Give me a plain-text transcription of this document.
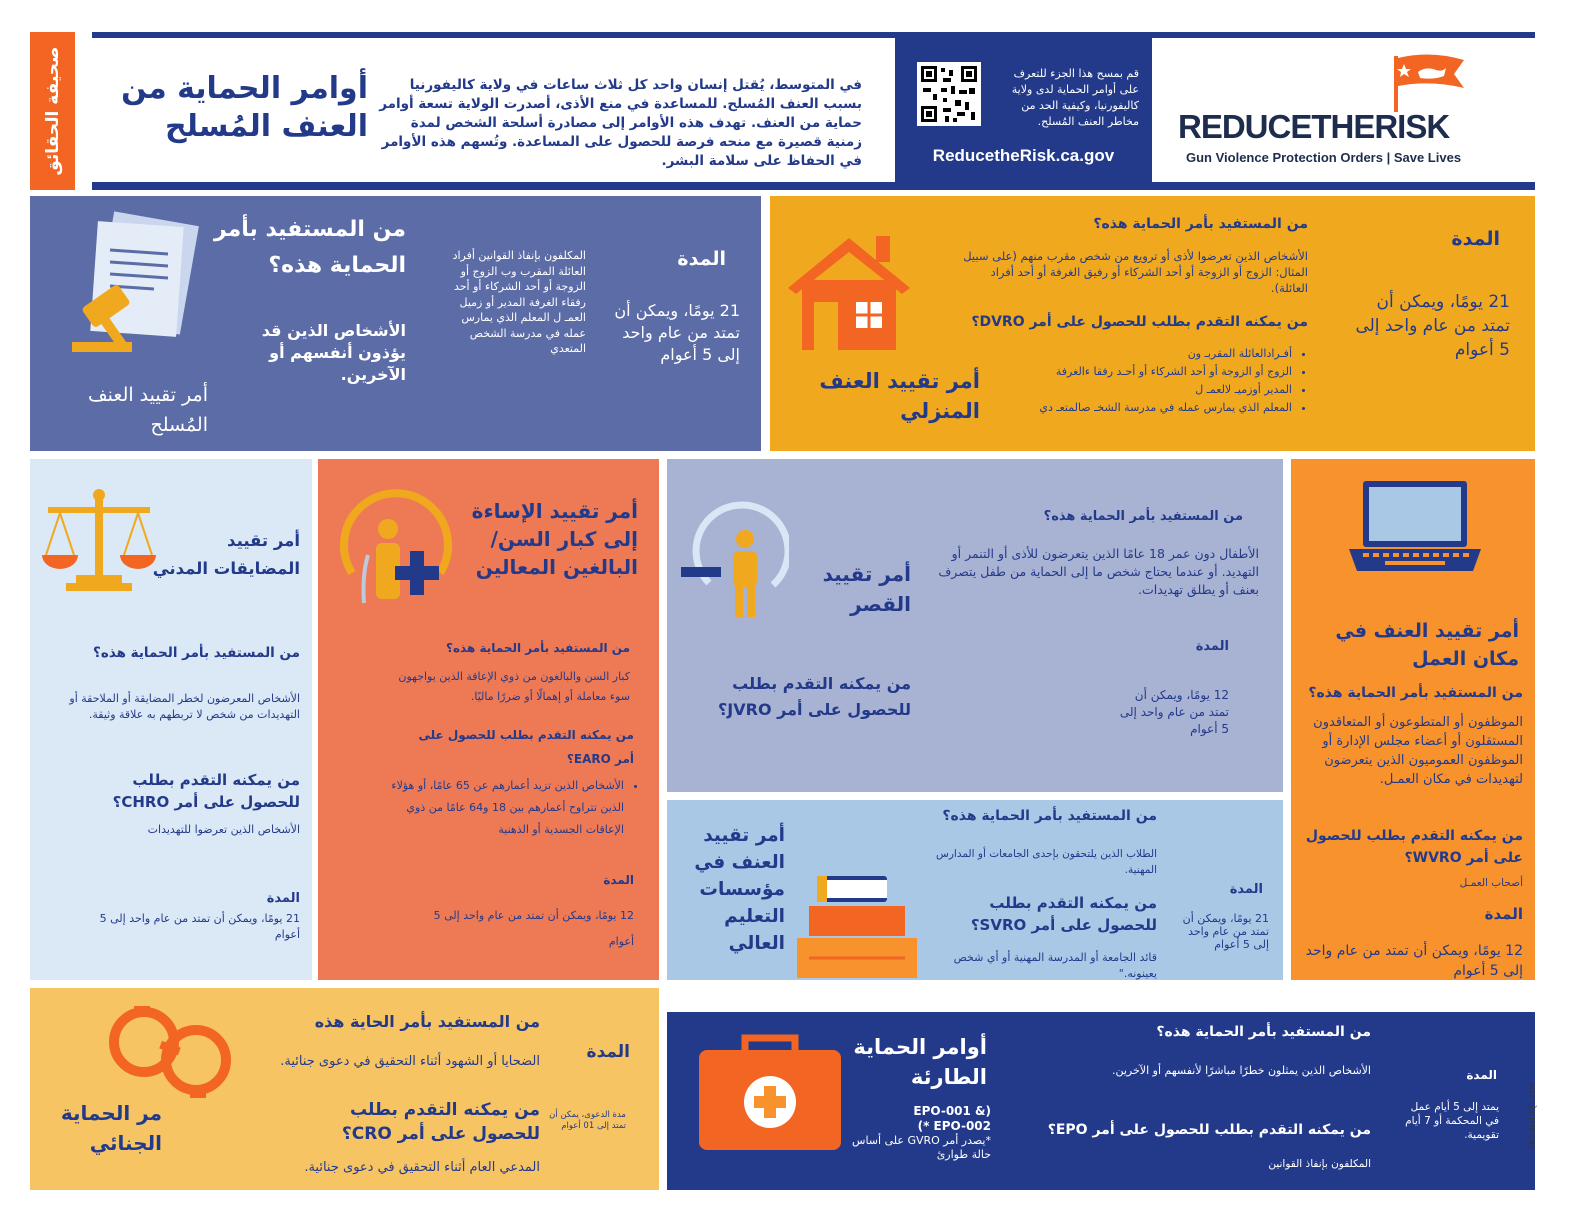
صحيفة الحقائق أوامر الحماية من العنف المُسلح
في المتوسط، يُقتل إنسان واحد كل ثلاث ساعات في ولاية كاليفورنيا بسبب العنف المُسلح. للمساعدة في منع الأذى، أصدرت الولاية تسعة أوامر حماية من العنف. تهدف هذه الأوامر إلى مصادرة أسلحة الشخص لمدة زمنية قصيرة مع منحه فرصة للحصول على المساعدة. وتُسهم هذه الأوامر في الحفاظ على سلامة البشر.
قم بمسح هذا الجزء للتعرف على أوامر الحماية لدى ولاية كاليفورنيا، وكيفية الحد من مخاطر العنف المُسلح.
ReducetheRisk.ca.gov
REDUCETHERISK
Gun Violence Protection Orders | Save Lives
أمر تقييد العنف المُسلح
من المستفيد بأمر الحماية هذه؟
الأشخاص الذين قد يؤذون أنفسهم أو الآخرين.
المكلفون بإنفاذ القوانين أفراد العائلة المقرب وب الزوج أو الزوجة أو أحد الشركاء أو أحد رفقاء الغرفة المدير أو زميل العمـ ل المعلم الذي يمارس عمله في مدرسة الشخص المتعدي
المدة
21 يومًا، ويمكن أن تمتد من عام واحد إلى 5 أعوام
أمر تقييد العنف المنزلي
من المستفيد بأمر الحماية هذه؟
الأشخاص الذين تعرضوا لأذى أو ترويع من شخص مقرب منهم (على سبيل المثال: الزوج أو الزوجة أو أحد الشركاء أو رفيق الغرفة أو أحد أفراد العائلة).
من يمكنه التقدم بطلب للحصول على أمر DVRO؟
• أفـرادالعائلة المقربـ ون
• الزوج أو الزوجة أو أحد الشركاء أو أحـد رفقا ءالغرفة
• المدير أوزميـ لالعمـ ل
• المعلم الذي يمارس عمله في مدرسة الشخـ صالمتعـ دي
المدة
21 يومًا، ويمكن أن تمتد من عام واحد إلى 5 أعوام
أمر تقييد المضايقات المدني
من المستفيد بأمر الحماية هذه؟
الأشخاص المعرضون لخطر المضايقة أو الملاحقة أو التهديدات من شخص لا تربطهم به علاقة وثيقة.
من يمكنه التقدم بطلب للحصول على أمر CHRO؟
الأشخاص الذين تعرضوا للتهديدات
المدة
21 يومًا، ويمكن أن تمتد من عام واحد إلى 5 أعوام
أمر تقييد الإساءة إلى كبار السن/ البالغين المعالين
من المستفيد بأمر الحماية هذه؟
كبار السن والبالغون من ذوي الإعاقة الذين يواجهون سوء معاملة أو إهمالًا أو ضررًا ماليًا.
من يمكنه التقدم بطلب للحصول على أمر EARO؟
• الأشخاص الذين تزيد أعمارهم عن 65 عامًا، أو هؤلاء الذين تتراوح أعمارهم بين 18 و64 عامًا من ذوي الإعاقات الجسدية أو الذهنية
المدة
12 يومًا، ويمكن أن تمتد من عام واحد إلى 5 أعوام
أمر تقييد القصر
من المستفيد بأمر الحماية هذه؟
الأطفال دون عمر 18 عامًا الذين يتعرضون للأذى أو التنمر أو التهديد. أو عندما يحتاج شخص ما إلى الحماية من طفل يتصرف بعنف أو يطلق تهديدات.
من يمكنه التقدم بطلب للحصول على أمر JVRO؟
المدة
12 يومًا، ويمكن أن تمتد من عام واحد إلى 5 أعوام
أمر تقييد العنف في مكان العمل
من المستفيد بأمر الحماية هذه؟
الموظفون أو المتطوعون أو المتعاقدون المستقلون أو أعضاء مجلس الإدارة أو الموظفون العموميون الذين يتعرضون لتهديدات في مكان العمـل.
من يمكنه التقدم بطلب للحصول على أمر WVRO؟
أصحاب العمـل
المدة
12 يومًا، ويمكن أن تمتد من عام واحد إلى 5 أعوام
أمر تقييد العنف في مؤسسات التعليم العالي
من المستفيد بأمر الحماية هذه؟
الطلاب الذين يلتحقون بإحدى الجامعات أو المدارس المهنية.
من يمكنه التقدم بطلب للحصول على أمر SVRO؟
قائد الجامعة أو المدرسة المهنية أو أي شخص يعينونه."
المدة
21 يومًا، ويمكن أن تمتد من عام واحد إلى 5 أعوام
مر الحماية الجنائي
من المستفيد بأمر الحاية هذه
الضحايا أو الشهود أثناء التحقيق في دعوى جنائية.
من يمكنه التقدم بطلب للحصول على أمر CRO؟
المدعي العام أثناء التحقيق في دعوى جنائية.
المدة
مدة الدعوى، يمكن أن تمتد إلى 01 أعوام
أوامر الحماية الطارئة
(EPO-001 & EPO-002 *)
*يصدر أمر GVRO على أساس حالة طوارئ
من المستفيد بأمر الحماية هذه؟
الأشخاص الذين يمثلون خطرًا مباشرًا لأنفسهم أو الآخرين.
من يمكنه التقدم بطلب للحصول على أمر EPO؟
المكلفون بإنفاذ القوانين
المدة
يمتد إلى 5 أيام عمل في المحكمة أو 7 أيام تقويمية.	INFO 8x11-TQL-0725
